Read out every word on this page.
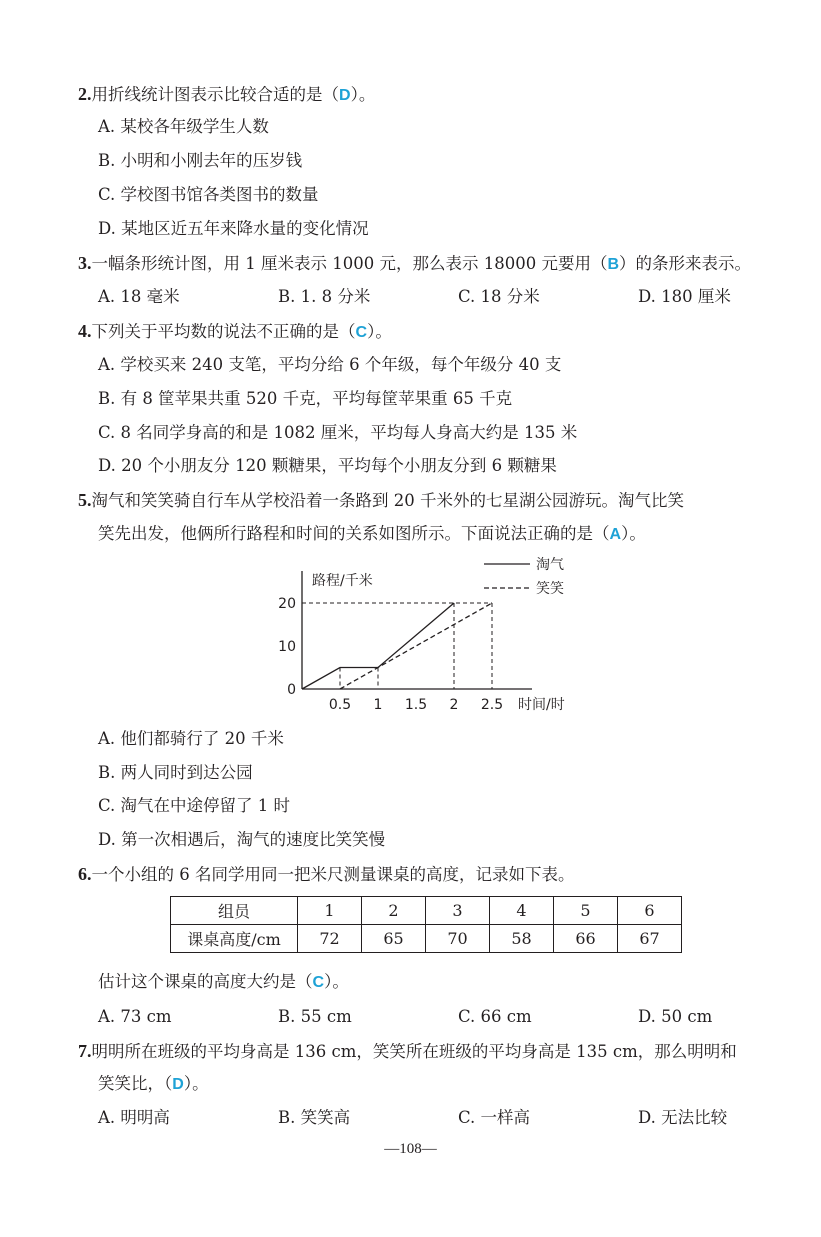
2.用折线统计图表示比较合适的是（D）。
A. 某校各年级学生人数
B. 小明和小刚去年的压岁钱
C. 学校图书馆各类图书的数量
D. 某地区近五年来降水量的变化情况
3.一幅条形统计图，用 1 厘米表示 1000 元，那么表示 18000 元要用（B）的条形来表示。
A. 18 毫米	B. 1. 8 分米	C. 18 分米	D. 180 厘米
4.下列关于平均数的说法不正确的是（C）。
A. 学校买来 240 支笔，平均分给 6 个年级，每个年级分 40 支
B. 有 8 筐苹果共重 520 千克，平均每筐苹果重 65 千克
C. 8 名同学身高的和是 1082 厘米，平均每人身高大约是 135 米
D. 20 个小朋友分 120 颗糖果，平均每个小朋友分到 6 颗糖果
5.淘气和笑笑骑自行车从学校沿着一条路到 20 千米外的七星湖公园游玩。淘气比笑
笑先出发，他俩所行路程和时间的关系如图所示。下面说法正确的是（A）。
路程/千米
时间/时
0
10
20
0.5 1 1.5 2 2.5
淘气
笑笑
A. 他们都骑行了 20 千米
B. 两人同时到达公园
C. 淘气在中途停留了 1 时
D. 第一次相遇后，淘气的速度比笑笑慢
6.一个小组的 6 名同学用同一把米尺测量课桌的高度，记录如下表。
组员	1	2	3	4	5	6
课桌高度/cm	72	65	70	58	66	67
估计这个课桌的高度大约是（C）。
A. 73 cm	B. 55 cm	C. 66 cm	D. 50 cm
7.明明所在班级的平均身高是 136 cm，笑笑所在班级的平均身高是 135 cm，那么明明和
笑笑比，（D）。
A. 明明高	B. 笑笑高	C. 一样高	D. 无法比较
—108—
